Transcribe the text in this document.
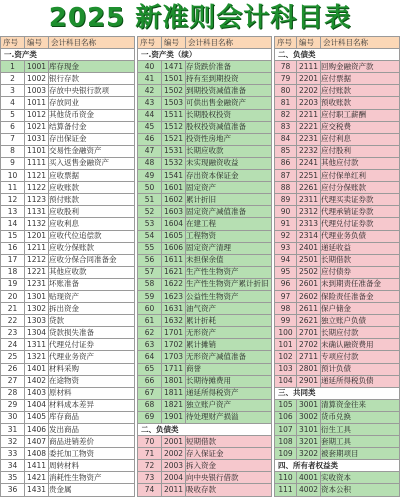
2025 新准则会计科目表
序号	编号	会计科目名称
一.资产类		
1	1001	库存现金
2	1002	银行存款
3	1003	存放中央银行款项
4	1011	存放同业
5	1012	其他货币资金
6	1021	结算备付金
7	1031	存出保证金
8	1101	交易性金融资产
9	1111	买入返售金融资产
10	1121	应收票据
11	1122	应收账款
12	1123	预付账款
13	1131	应收股利
14	1132	应收利息
15	1201	应收代位追偿款
16	1211	应收分保账款
17	1212	应收分保合同准备金
18	1221	其他应收款
19	1231	坏账准备
20	1301	贴现资产
21	1302	拆出资金
22	1303	贷款
23	1304	贷款损失准备
24	1311	代理兑付证券
25	1321	代理业务资产
26	1401	材料采购
27	1402	在途物资
28	1403	原材料
29	1404	材料成本差异
30	1405	库存商品
31	1406	发出商品
32	1407	商品进销差价
33	1408	委托加工物资
34	1411	周转材料
35	1421	消耗性生物资产
36	1431	贵金属
序号	编号	会计科目名称
一.资产类（续）		
40	1471	存货跌价准备
41	1501	持有至到期投资
42	1502	到期投资减值准备
43	1503	可供出售金融资产
44	1511	长期股权投资
45	1512	股权投资减值准备
46	1521	投资性房地产
47	1531	长期应收款
48	1532	未实现融资收益
49	1541	存出资本保证金
50	1601	固定资产
51	1602	累计折旧
52	1603	固定资产减值准备
53	1604	在建工程
54	1605	工程物资
55	1606	固定资产清理
56	1611	未担保余值
57	1621	生产性生物资产
58	1622	生产性生物资产累计折旧
59	1623	公益性生物资产
60	1631	油气资产
61	1632	累计折耗
62	1701	无形资产
63	1702	累计摊销
64	1703	无形资产减值准备
65	1711	商誉
66	1801	长期待摊费用
67	1811	递延所得税资产
68	1821	独立账户资产
69	1901	待处理财产损溢
二、负债类		
70	2001	短期借款
71	2002	存入保证金
72	2003	拆入资金
73	2004	向中央银行借款
74	2011	吸收存款
序号	编号	会计科目名称
二、负债类		
78	2111	回购金融资产款
79	2201	应付票据
80	2202	应付账款
81	2203	预收账款
82	2211	应付职工薪酬
83	2221	应交税费
84	2231	应付利息
85	2232	应付股利
86	2241	其他应付款
87	2251	应付保单红利
88	2261	应付分保账款
89	2311	代理买卖证券款
90	2312	代理承销证券款
91	2313	代理兑付证券款
92	2314	代理业务负债
93	2401	递延收益
94	2501	长期借款
95	2502	应付债券
96	2601	未到期责任准备金
97	2602	保险责任准备金
98	2611	保户储金
99	2621	独立账户负债
100	2701	长期应付款
101	2702	未确认融资费用
102	2711	专项应付款
103	2801	预计负债
104	2901	递延所得税负债
三、共同类		
105	3001	清算资金往来
106	3002	货币兑换
107	3101	衍生工具
108	3201	套期工具
109	3202	被套期项目
四、所有者权益类		
110	4001	实收资本
111	4002	资本公积
